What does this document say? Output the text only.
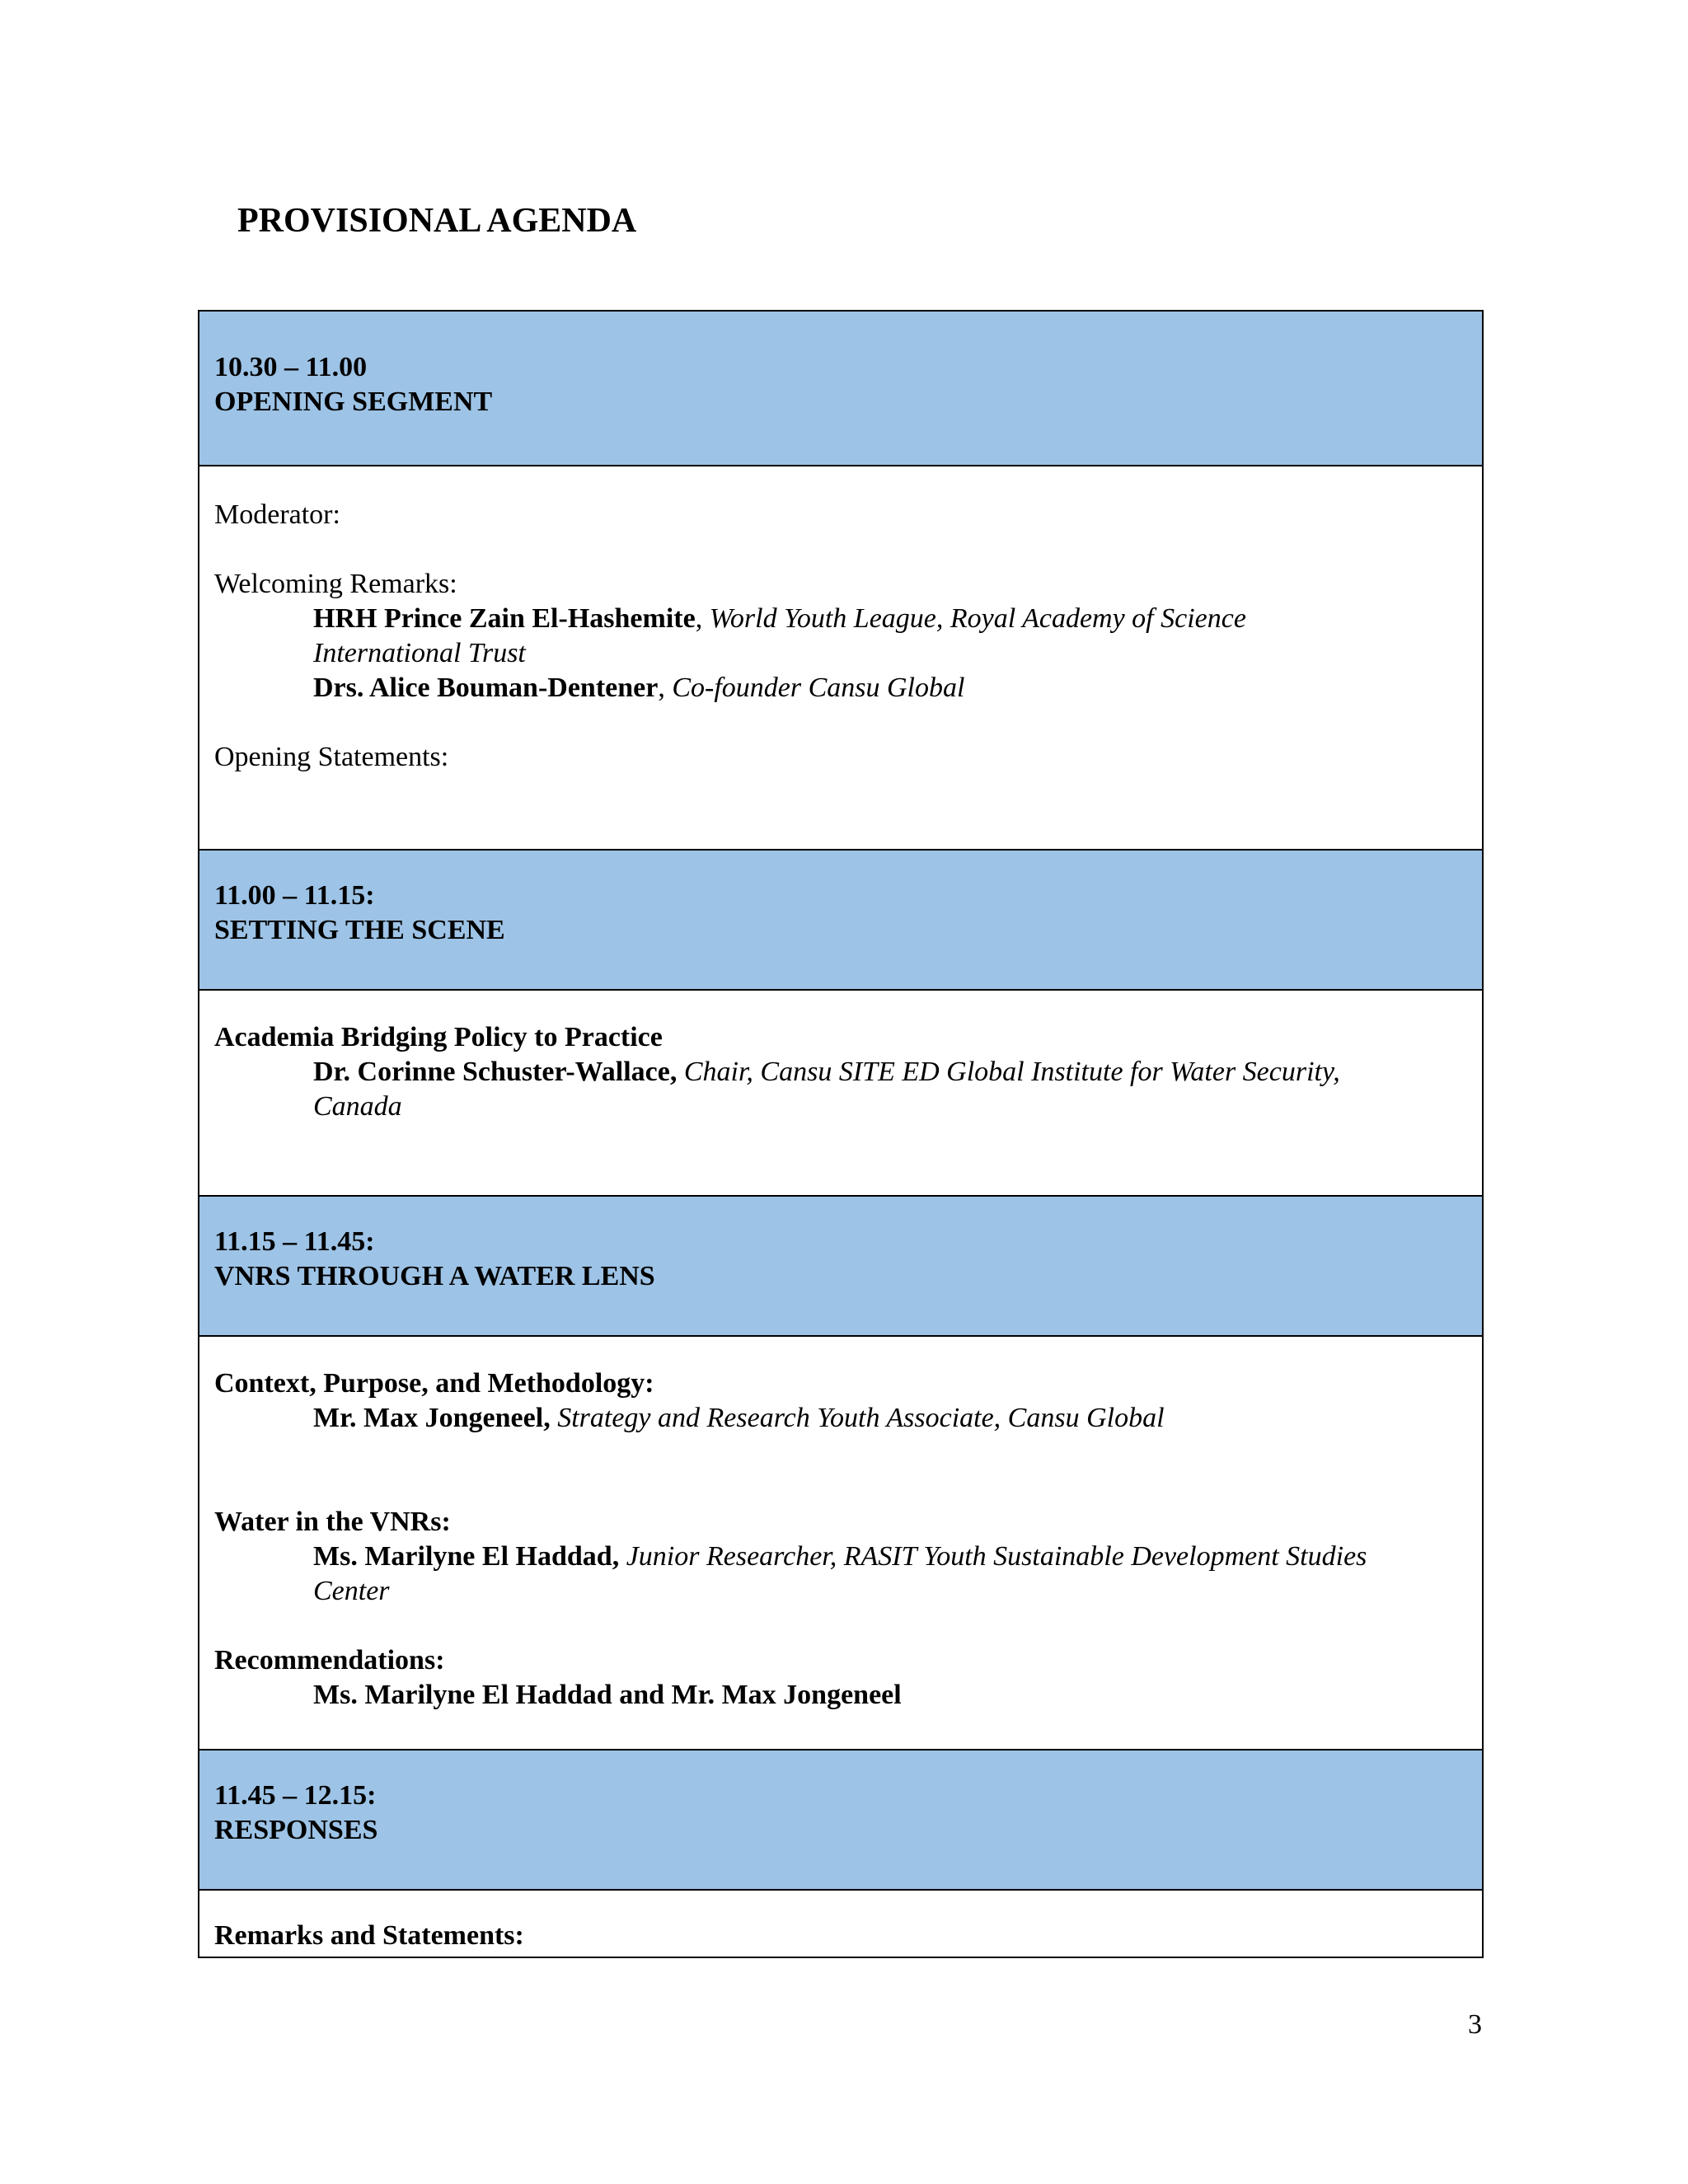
PROVISIONAL AGENDA
10.30 – 11.00
OPENING SEGMENT
Moderator:
Welcoming Remarks:
HRH Prince Zain El-Hashemite, World Youth League, Royal Academy of Science
International Trust
Drs. Alice Bouman-Dentener, Co-founder Cansu Global
Opening Statements:
11.00 – 11.15:
SETTING THE SCENE
Academia Bridging Policy to Practice
Dr. Corinne Schuster-Wallace, Chair, Cansu SITE ED Global Institute for Water Security,
Canada
11.15 – 11.45:
VNRS THROUGH A WATER LENS
Context, Purpose, and Methodology:
Mr. Max Jongeneel, Strategy and Research Youth Associate, Cansu Global
Water in the VNRs:
Ms. Marilyne El Haddad, Junior Researcher, RASIT Youth Sustainable Development Studies
Center
Recommendations:
Ms. Marilyne El Haddad and Mr. Max Jongeneel
11.45 – 12.15:
RESPONSES
Remarks and Statements:
3
